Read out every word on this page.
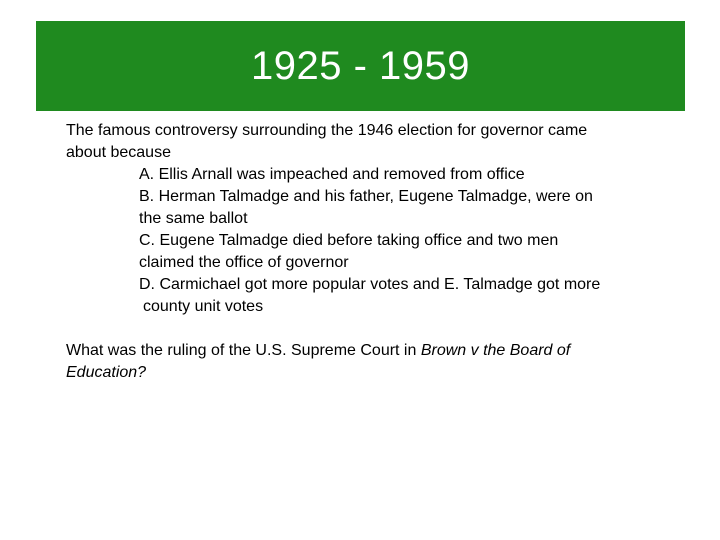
1925 - 1959
The famous controversy surrounding the 1946 election for governor came
about because
A. Ellis Arnall was impeached and removed from office
B. Herman Talmadge and his father, Eugene Talmadge, were on
the same ballot
C. Eugene Talmadge died before taking office and two men
claimed the office of governor
D. Carmichael got more popular votes and E. Talmadge got more
county unit votes
What was the ruling of the U.S. Supreme Court in Brown v the Board of
Education?
